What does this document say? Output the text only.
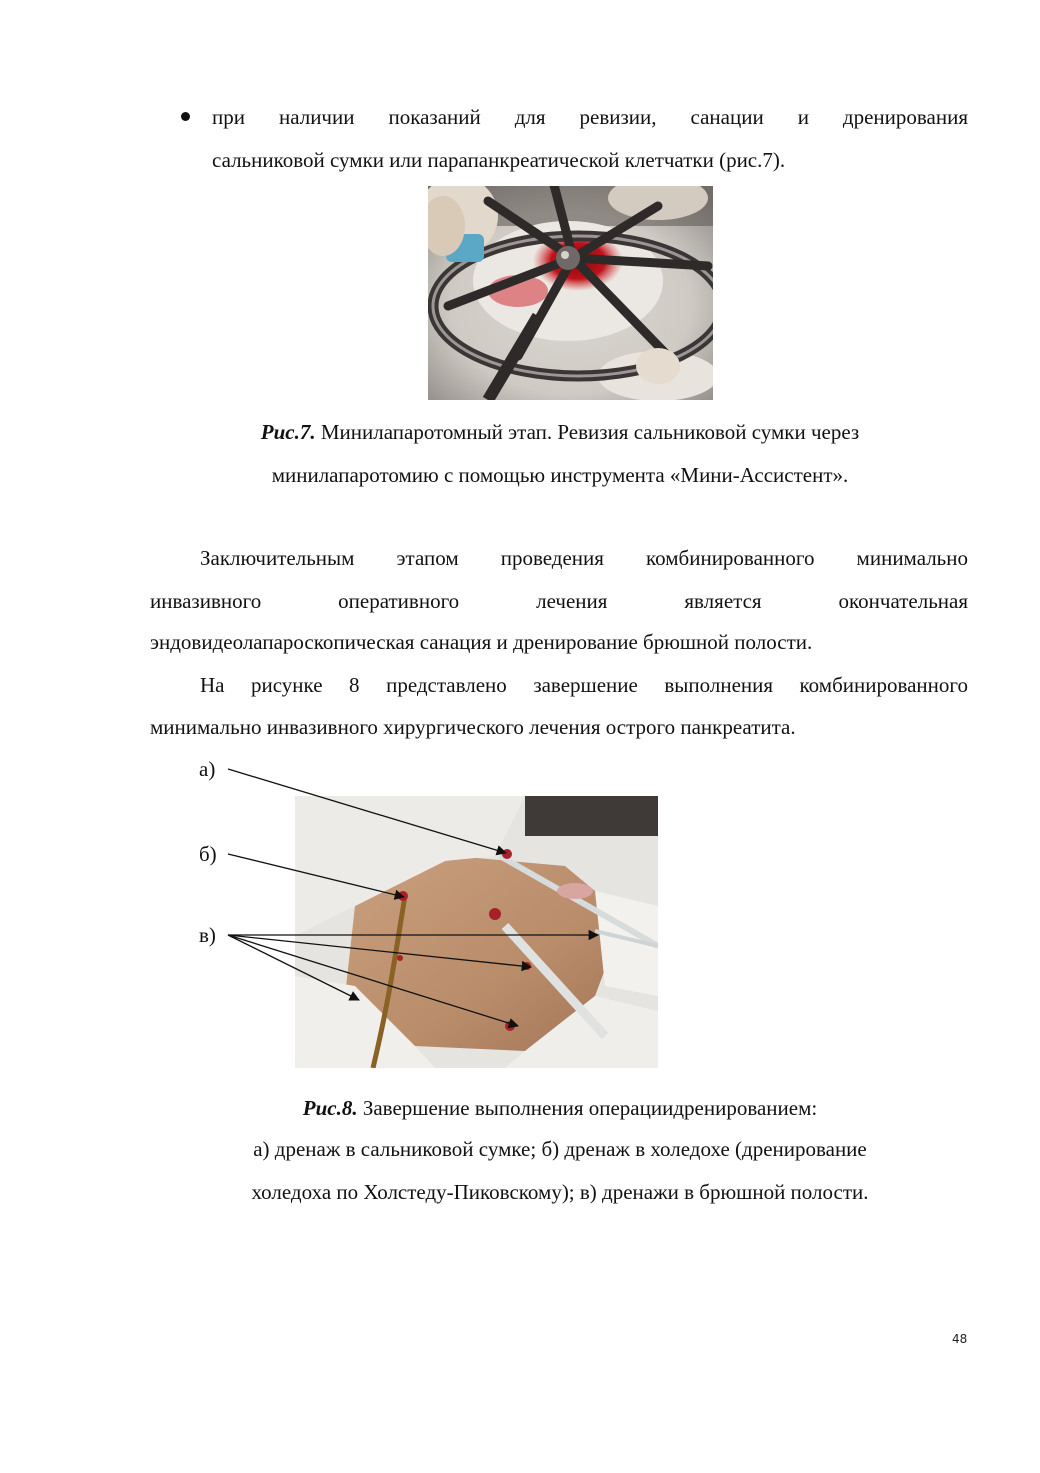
при наличии показаний для ревизии, санации и дренирования
сальниковой сумки или парапанкреатической клетчатки (рис.7).
Рис.7. Минилапаротомный этап. Ревизия сальниковой сумки через
минилапаротомию с помощью инструмента «Мини-Ассистент».
Заключительным этапом проведения комбинированного минимально
инвазивного оперативного лечения является окончательная
эндовидеолапароскопическая санация и дренирование брюшной полости.
На рисунке 8 представлено завершение выполнения комбинированного
минимально инвазивного хирургического лечения острого панкреатита.
а)
б)
в)
Рис.8. Завершение выполнения операциидренированием:
а) дренаж в сальниковой сумке; б) дренаж в холедохе (дренирование
холедоха по Холстеду-Пиковскому); в) дренажи в брюшной полости.
48
